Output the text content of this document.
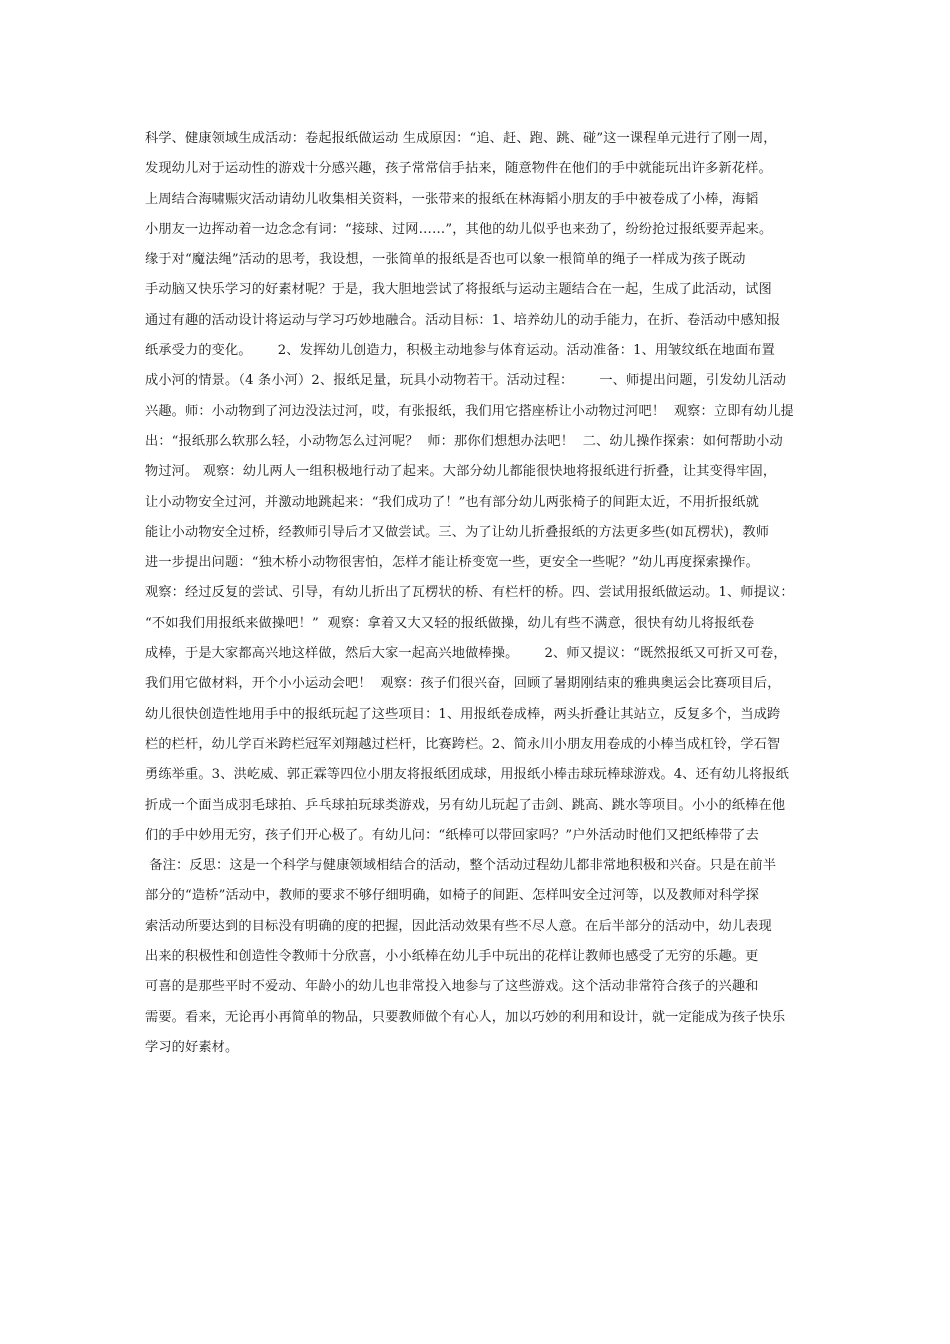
科学、健康领域生成活动：卷起报纸做运动 生成原因：“追、赶、跑、跳、碰”这一课程单元进行了刚一周，
发现幼儿对于运动性的游戏十分感兴趣，孩子常常信手拈来，随意物件在他们的手中就能玩出许多新花样。
上周结合海啸赈灾活动请幼儿收集相关资料，一张带来的报纸在林海韬小朋友的手中被卷成了小棒，海韬
小朋友一边挥动着一边念念有词：“接球、过网……”，其他的幼儿似乎也来劲了，纷纷抢过报纸要弄起来。
缘于对“魔法绳”活动的思考，我设想，一张简单的报纸是否也可以象一根简单的绳子一样成为孩子既动
手动脑又快乐学习的好素材呢？于是，我大胆地尝试了将报纸与运动主题结合在一起，生成了此活动，试图
通过有趣的活动设计将运动与学习巧妙地融合。活动目标：1、培养幼儿的动手能力，在折、卷活动中感知报
纸承受力的变化。      2、发挥幼儿创造力，积极主动地参与体育运动。活动准备：1、用皱纹纸在地面布置
成小河的情景。（4 条小河）2、报纸足量，玩具小动物若干。活动过程：      一、师提出问题，引发幼儿活动
兴趣。师：小动物到了河边没法过河，哎，有张报纸，我们用它搭座桥让小动物过河吧！  观察：立即有幼儿提
出：“报纸那么软那么轻，小动物怎么过河呢？  师：那你们想想办法吧！  二、幼儿操作探索：如何帮助小动
物过河。 观察：幼儿两人一组积极地行动了起来。大部分幼儿都能很快地将报纸进行折叠，让其变得牢固，
让小动物安全过河，并激动地跳起来：“我们成功了！”也有部分幼儿两张椅子的间距太近，不用折报纸就
能让小动物安全过桥，经教师引导后才又做尝试。三、为了让幼儿折叠报纸的方法更多些(如瓦楞状)，教师
进一步提出问题：“独木桥小动物很害怕，怎样才能让桥变宽一些，更安全一些呢？”幼儿再度探索操作。
观察：经过反复的尝试、引导，有幼儿折出了瓦楞状的桥、有栏杆的桥。四、尝试用报纸做运动。1、师提议：
“不如我们用报纸来做操吧！”  观察：拿着又大又轻的报纸做操，幼儿有些不满意，很快有幼儿将报纸卷
成棒，于是大家都高兴地这样做，然后大家一起高兴地做棒操。      2、师又提议：“既然报纸又可折又可卷，
我们用它做材料，开个小小运动会吧！  观察：孩子们很兴奋，回顾了暑期刚结束的雅典奥运会比赛项目后，
幼儿很快创造性地用手中的报纸玩起了这些项目：1、用报纸卷成棒，两头折叠让其站立，反复多个，当成跨
栏的栏杆，幼儿学百米跨栏冠军刘翔越过栏杆，比赛跨栏。2、简永川小朋友用卷成的小棒当成杠铃，学石智
勇练举重。3、洪屹威、郭正霖等四位小朋友将报纸团成球，用报纸小棒击球玩棒球游戏。4、还有幼儿将报纸
折成一个面当成羽毛球拍、乒乓球拍玩球类游戏，另有幼儿玩起了击剑、跳高、跳水等项目。小小的纸棒在他
们的手中妙用无穷，孩子们开心极了。有幼儿问：“纸棒可以带回家吗？”户外活动时他们又把纸棒带了去
备注：反思：这是一个科学与健康领域相结合的活动，整个活动过程幼儿都非常地积极和兴奋。只是在前半
部分的“造桥”活动中，教师的要求不够仔细明确，如椅子的间距、怎样叫安全过河等，以及教师对科学探
索活动所要达到的目标没有明确的度的把握，因此活动效果有些不尽人意。在后半部分的活动中，幼儿表现
出来的积极性和创造性令教师十分欣喜，小小纸棒在幼儿手中玩出的花样让教师也感受了无穷的乐趣。更
可喜的是那些平时不爱动、年龄小的幼儿也非常投入地参与了这些游戏。这个活动非常符合孩子的兴趣和
需要。看来，无论再小再简单的物品，只要教师做个有心人，加以巧妙的利用和设计，就一定能成为孩子快乐
学习的好素材。
